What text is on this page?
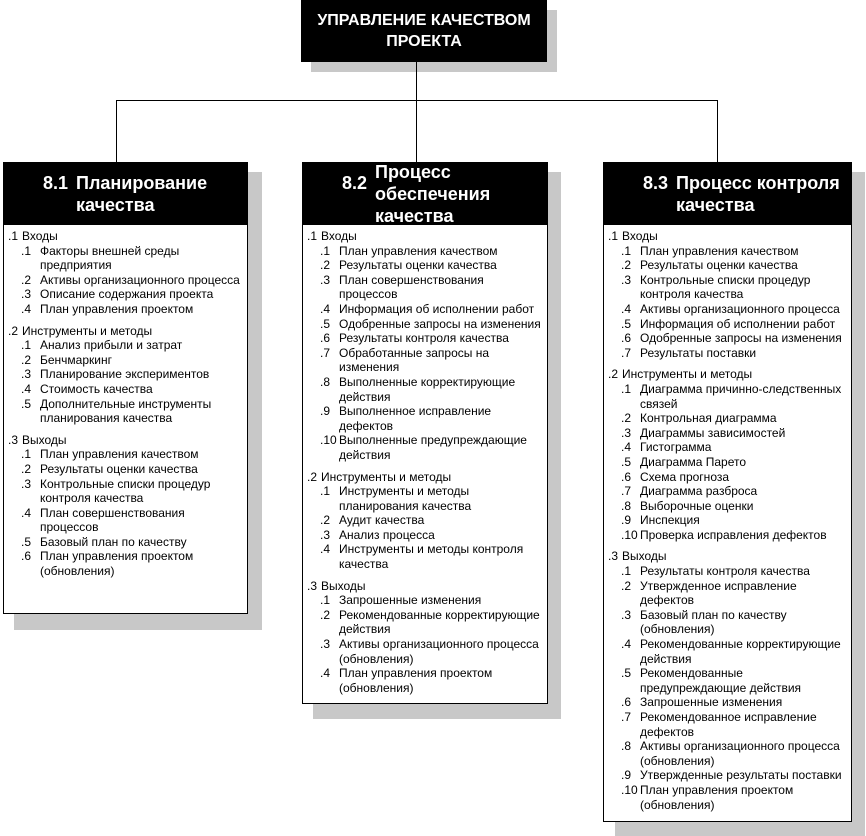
УПРАВЛЕНИЕ КАЧЕСТВОМ
ПРОЕКТА
8.1 Планирование качества
.1 Входы
.1 Факторы внешней среды предприятия
.2 Активы организационного процесса
.3 Описание содержания проекта
.4 План управления проектом
.2 Инструменты и методы
.1 Анализ прибыли и затрат
.2 Бенчмаркинг
.3 Планирование экспериментов
.4 Стоимость качества
.5 Дополнительные инструменты планирования качества
.3 Выходы
.1 План управления качеством
.2 Результаты оценки качества
.3 Контрольные списки процедур контроля качества
.4 План совершенствования процессов
.5 Базовый план по качеству
.6 План управления проектом (обновления)
8.2
Процесс обеспечения качества
.1 Входы
.1 План управления качеством
.2 Результаты оценки качества
.3 План совершенствования процессов
.4 Информация об исполнении работ
.5 Одобренные запросы на изменения
.6 Результаты контроля качества
.7 Обработанные запросы на изменения
.8 Выполненные корректирующие действия
.9 Выполненное исправление дефектов
.10 Выполненные предупреждающие действия
.2 Инструменты и методы
.1 Инструменты и методы планирования качества
.2 Аудит качества
.3 Анализ процесса
.4 Инструменты и методы контроля качества
.3 Выходы
.1 Запрошенные изменения
.2 Рекомендованные корректирующие действия
.3 Активы организационного процесса (обновления)
.4 План управления проектом (обновления)
8.3 Процесс контроля качества
.1 Входы
.1 План управления качеством
.2 Результаты оценки качества
.3 Контрольные списки процедур контроля качества
.4 Активы организационного процесса
.5 Информация об исполнении работ
.6 Одобренные запросы на изменения
.7 Результаты поставки
.2 Инструменты и методы
.1 Диаграмма причинно-следственных связей
.2 Контрольная диаграмма
.3 Диаграммы зависимостей
.4 Гистограмма
.5 Диаграмма Парето
.6 Схема прогноза
.7 Диаграмма разброса
.8 Выборочные оценки
.9 Инспекция
.10 Проверка исправления дефектов
.3 Выходы
.1 Результаты контроля качества
.2 Утвержденное исправление дефектов
.3 Базовый план по качеству (обновления)
.4 Рекомендованные корректирующие действия
.5 Рекомендованные предупреждающие действия
.6 Запрошенные изменения
.7 Рекомендованное исправление дефектов
.8 Активы организационного процесса (обновления)
.9 Утвержденные результаты поставки
.10 План управления проектом (обновления)
